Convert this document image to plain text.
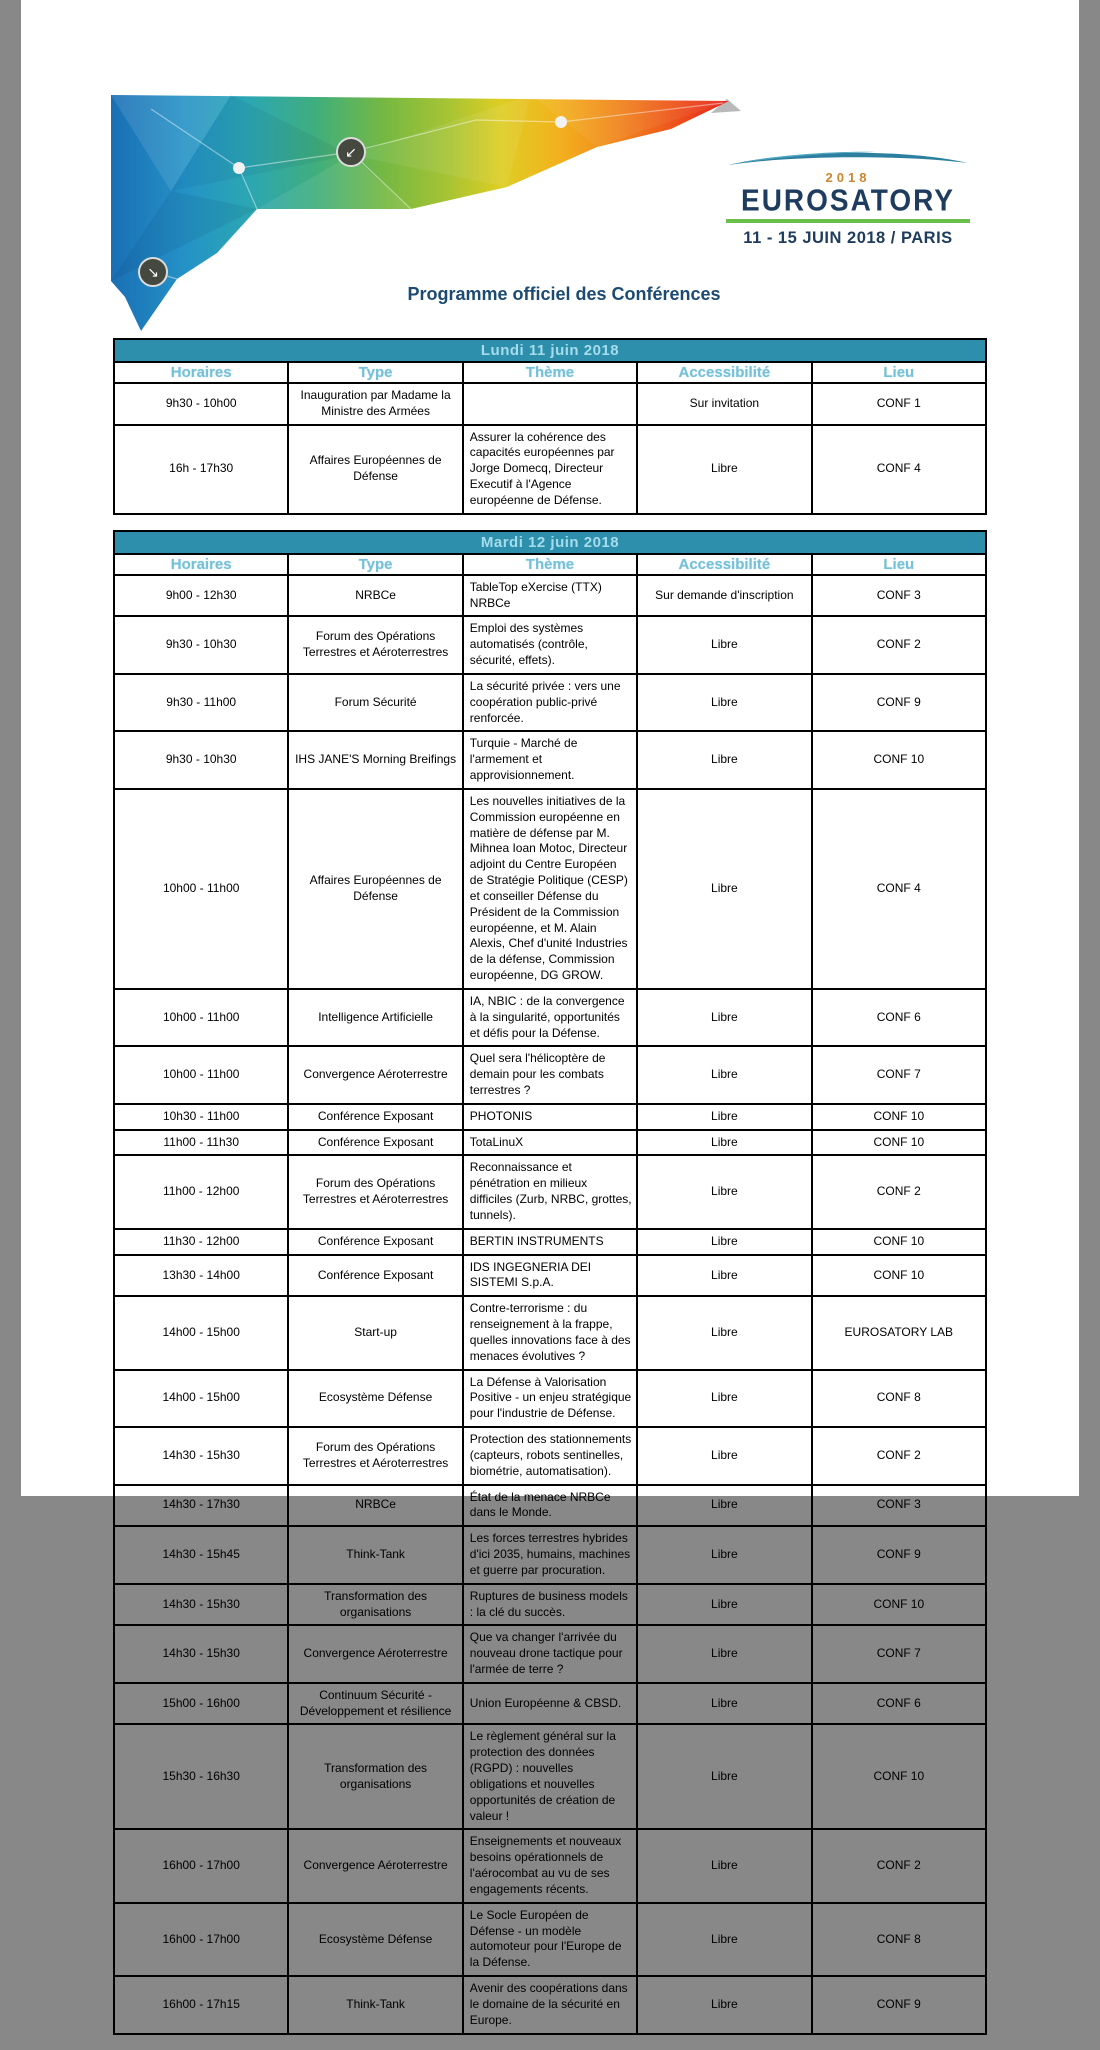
↙
↘
2018
EUROSATORY
11 - 15 JUIN 2018 / PARIS
Programme officiel des Conférences
Lundi 11 juin 2018				
Horaires	Type	Thème	Accessibilité	Lieu
9h30 - 10h00	Inauguration par Madame la Ministre des Armées		Sur invitation	CONF 1
16h - 17h30	Affaires Européennes de Défense	Assurer la cohérence des capacités européennes par Jorge Domecq, Directeur Executif à l'Agence européenne de Défense.	Libre	CONF 4
Mardi 12 juin 2018				
Horaires	Type	Thème	Accessibilité	Lieu
9h00 - 12h30	NRBCe	TableTop eXercise (TTX) NRBCe	Sur demande d'inscription	CONF 3
9h30 - 10h30	Forum des Opérations Terrestres et Aéroterrestres	Emploi des systèmes automatisés (contrôle, sécurité, effets).	Libre	CONF 2
9h30 - 11h00	Forum Sécurité	La sécurité privée : vers une coopération public-privé renforcée.	Libre	CONF 9
9h30 - 10h30	IHS JANE'S Morning Breifings	Turquie - Marché de l'armement et approvisionnement.	Libre	CONF 10
10h00 - 11h00	Affaires Européennes de Défense	Les nouvelles initiatives de la Commission européenne en matière de défense par M. Mihnea Ioan Motoc, Directeur adjoint du Centre Européen de Stratégie Politique (CESP) et conseiller Défense du Président de la Commission européenne, et M. Alain Alexis, Chef d'unité Industries de la défense, Commission européenne, DG GROW.	Libre	CONF 4
10h00 - 11h00	Intelligence Artificielle	IA, NBIC : de la convergence à la singularité, opportunités et défis pour la Défense.	Libre	CONF 6
10h00 - 11h00	Convergence Aéroterrestre	Quel sera l'hélicoptère de demain pour les combats terrestres ?	Libre	CONF 7
10h30 - 11h00	Conférence Exposant	PHOTONIS	Libre	CONF 10
11h00 - 11h30	Conférence Exposant	TotaLinuX	Libre	CONF 10
11h00 - 12h00	Forum des Opérations Terrestres et Aéroterrestres	Reconnaissance et pénétration en milieux difficiles (Zurb, NRBC, grottes, tunnels).	Libre	CONF 2
11h30 - 12h00	Conférence Exposant	BERTIN INSTRUMENTS	Libre	CONF 10
13h30 - 14h00	Conférence Exposant	IDS INGEGNERIA DEI SISTEMI S.p.A.	Libre	CONF 10
14h00 - 15h00	Start-up	Contre-terrorisme : du renseignement à la frappe, quelles innovations face à des menaces évolutives ?	Libre	EUROSATORY LAB
14h00 - 15h00	Ecosystème Défense	La Défense à Valorisation Positive - un enjeu stratégique pour l'industrie de Défense.	Libre	CONF 8
14h30 - 15h30	Forum des Opérations Terrestres et Aéroterrestres	Protection des stationnements (capteurs, robots sentinelles, biométrie, automatisation).	Libre	CONF 2
14h30 - 17h30	NRBCe	État de la menace NRBCe dans le Monde.	Libre	CONF 3
14h30 - 15h45	Think-Tank	Les forces terrestres hybrides d'ici 2035, humains, machines et guerre par procuration.	Libre	CONF 9
14h30 - 15h30	Transformation des organisations	Ruptures de business models : la clé du succès.	Libre	CONF 10
14h30 - 15h30	Convergence Aéroterrestre	Que va changer l'arrivée du nouveau drone tactique pour l'armée de terre ?	Libre	CONF 7
15h00 - 16h00	Continuum Sécurité - Développement et résilience	Union Européenne & CBSD.	Libre	CONF 6
15h30 - 16h30	Transformation des organisations	Le règlement général sur la protection des données (RGPD) : nouvelles obligations et nouvelles opportunités de création de valeur !	Libre	CONF 10
16h00 - 17h00	Convergence Aéroterrestre	Enseignements et nouveaux besoins opérationnels de l'aérocombat au vu de ses engagements récents.	Libre	CONF 2
16h00 - 17h00	Ecosystème Défense	Le Socle Européen de Défense - un modèle automoteur pour l'Europe de la Défense.	Libre	CONF 8
16h00 - 17h15	Think-Tank	Avenir des coopérations dans le domaine de la sécurité en Europe.	Libre	CONF 9
